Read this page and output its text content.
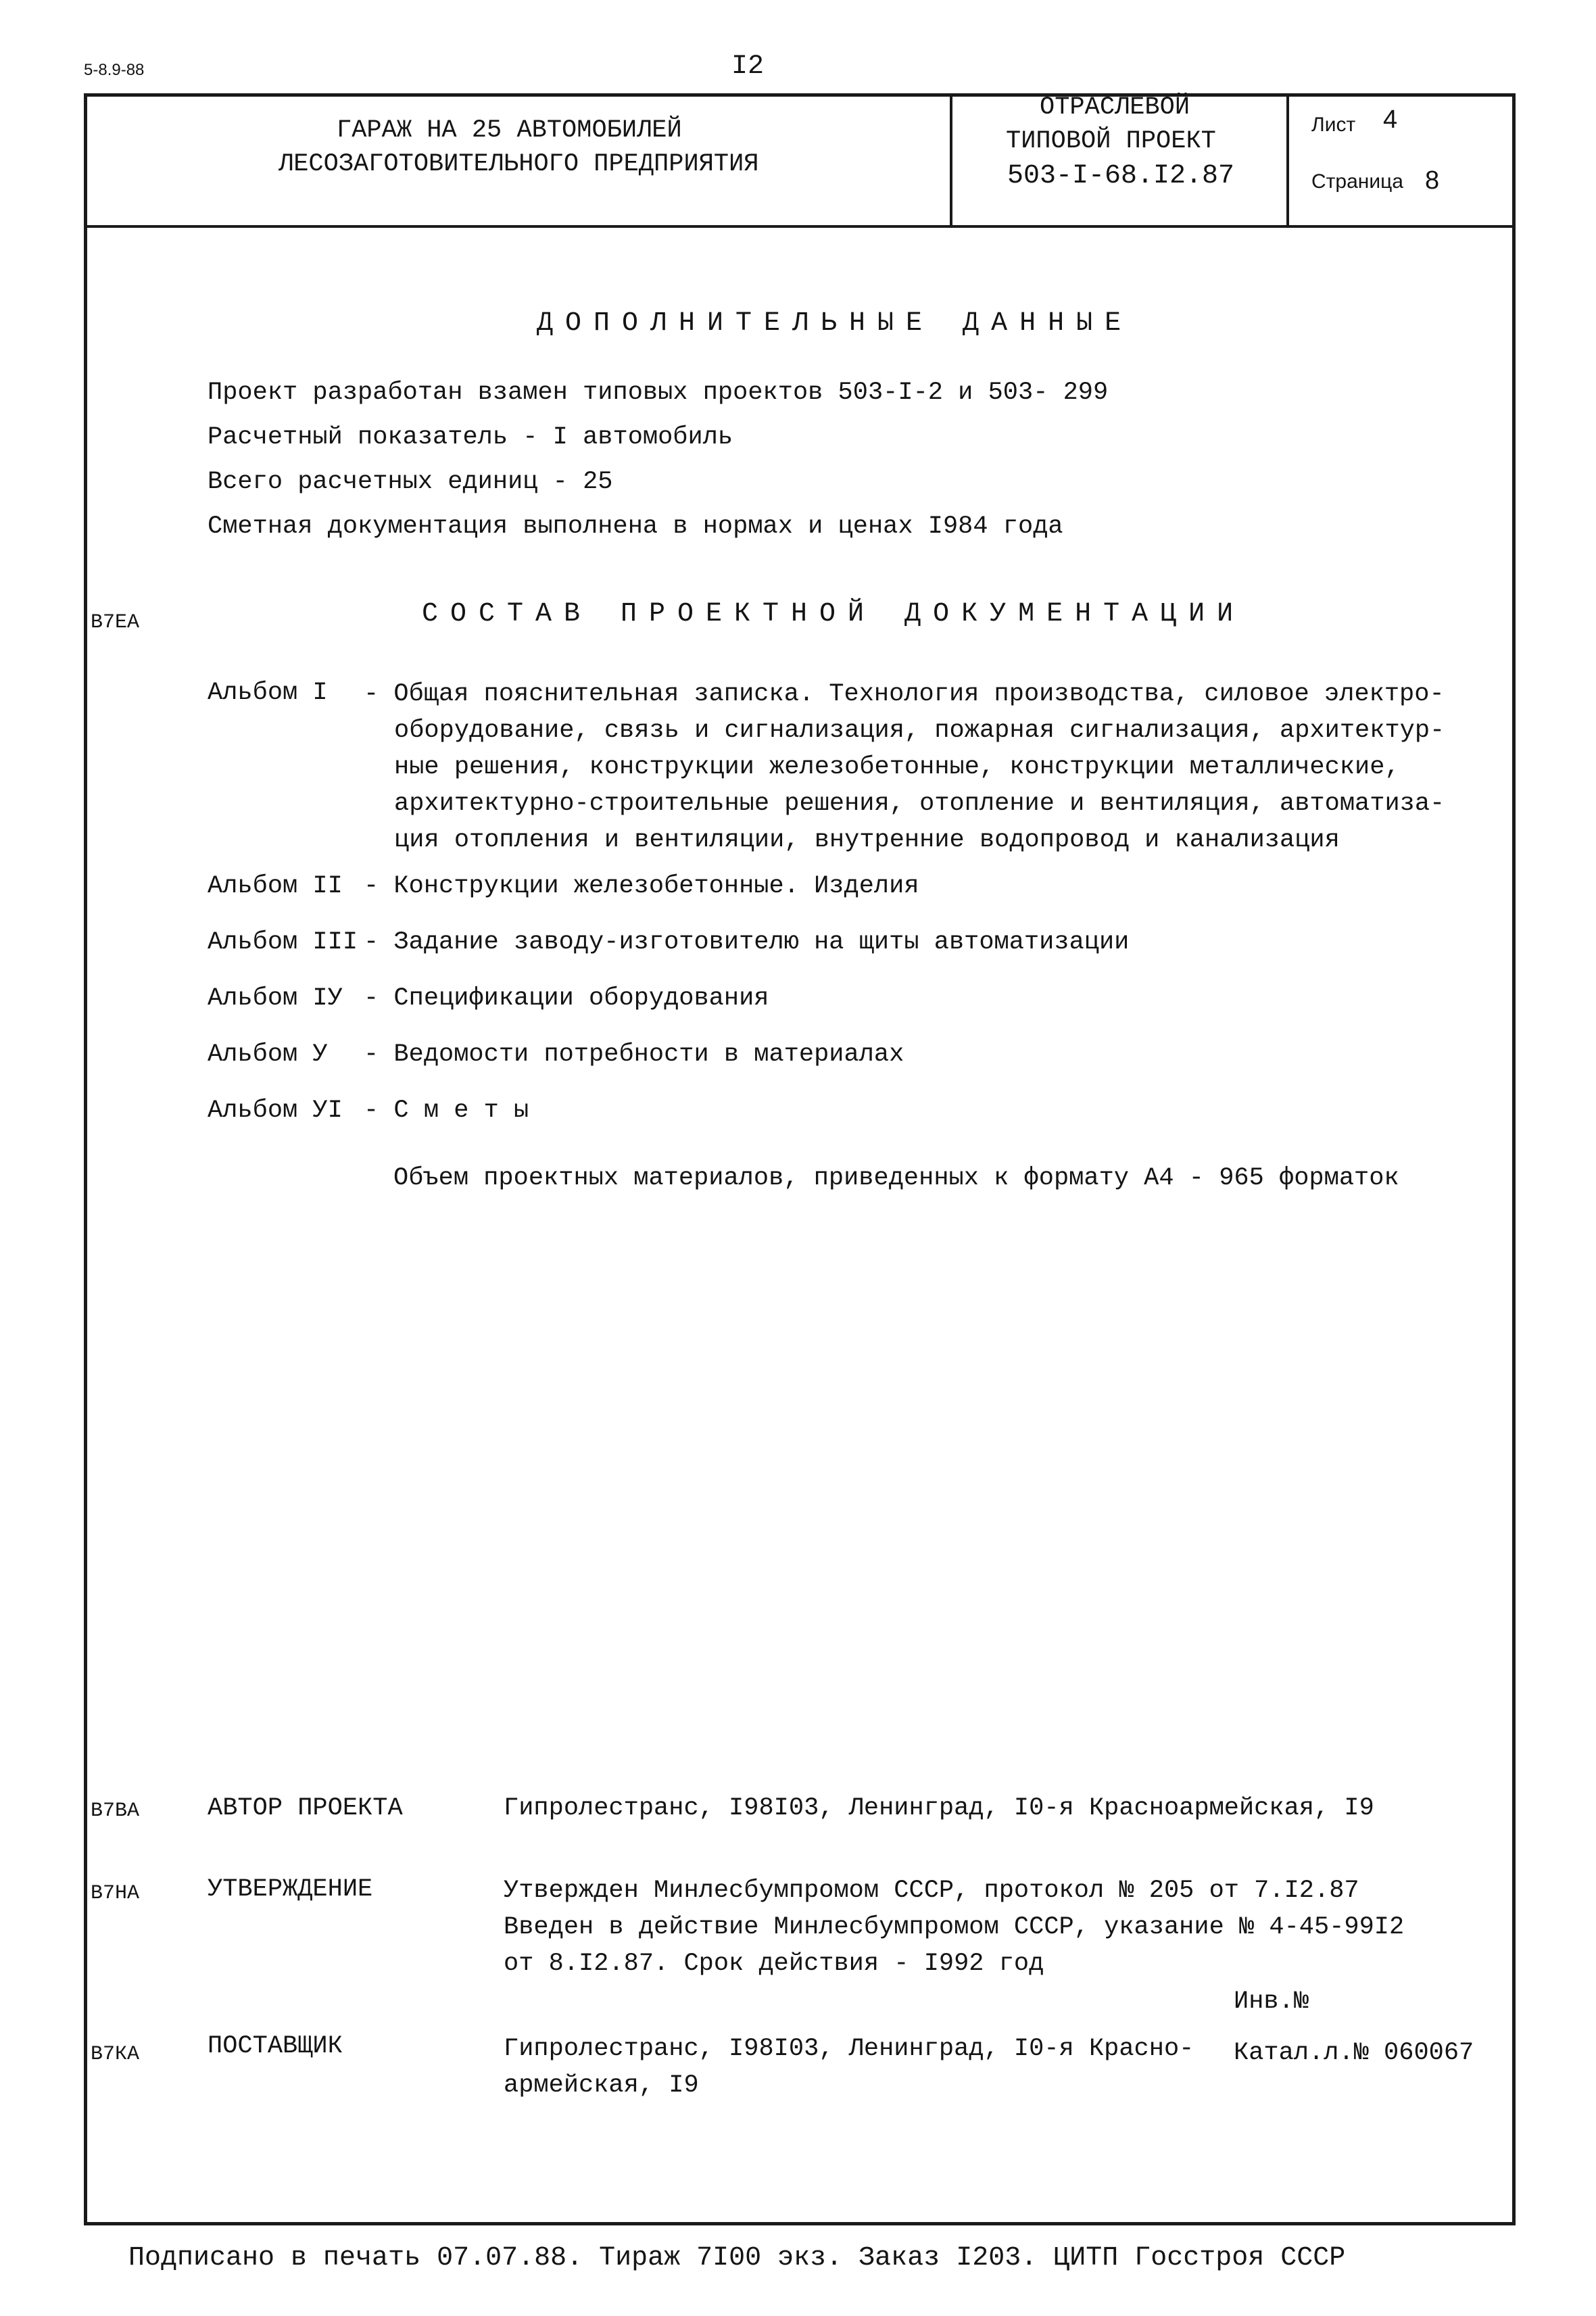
5-8.9-88	I2
ГАРАЖ НА 25 АВТОМОБИЛЕЙ
ЛЕСОЗАГОТОВИТЕЛЬНОГО ПРЕДПРИЯТИЯ
ОТРАСЛЕВОЙ
ТИПОВОЙ ПРОЕКТ
503-I-68.I2.87
Лист 4
Страница 8
ДОПОЛНИТЕЛЬНЫЕ ДАННЫЕ
Проект разработан взамен типовых проектов 503-I-2 и 503- 299
Расчетный показатель - I автомобиль
Всего расчетных единиц - 25
Сметная документация выполнена в нормах и ценах I984 года
В7ЕА	СОСТАВ ПРОЕКТНОЙ ДОКУМЕНТАЦИИ
Альбом I - Общая пояснительная записка. Технология производства, силовое электро-
оборудование, связь и сигнализация, пожарная сигнализация, архитектур-
ные решения, конструкции железобетонные, конструкции металлические,
архитектурно-строительные решения, отопление и вентиляция, автоматиза-
ция отопления и вентиляции, внутренние водопровод и канализация
Альбом II - Конструкции железобетонные. Изделия
Альбом III - Задание заводу-изготовителю на щиты автоматизации
Альбом IУ - Спецификации оборудования
Альбом У - Ведомости потребности в материалах
Альбом УI - С м е т ы
Объем проектных материалов, приведенных к формату А4 - 965 форматок
В7ВА	АВТОР ПРОЕКТА	Гипролестранс, I98I03, Ленинград, I0-я Красноармейская, I9
В7НА	УТВЕРЖДЕНИЕ	Утвержден Минлесбумпромом СССР, протокол № 205 от 7.I2.87
Введен в действие Минлесбумпромом СССР, указание № 4-45-99I2
от 8.I2.87. Срок действия - I992 год
Инв.№
В7КА	ПОСТАВЩИК	Гипролестранс, I98I03, Ленинград, I0-я Красно-
армейская, I9
Катал.л.№ 060067
Подписано в печать 07.07.88. Тираж 7I00 экз. Заказ I203. ЦИТП Госстроя СССР
